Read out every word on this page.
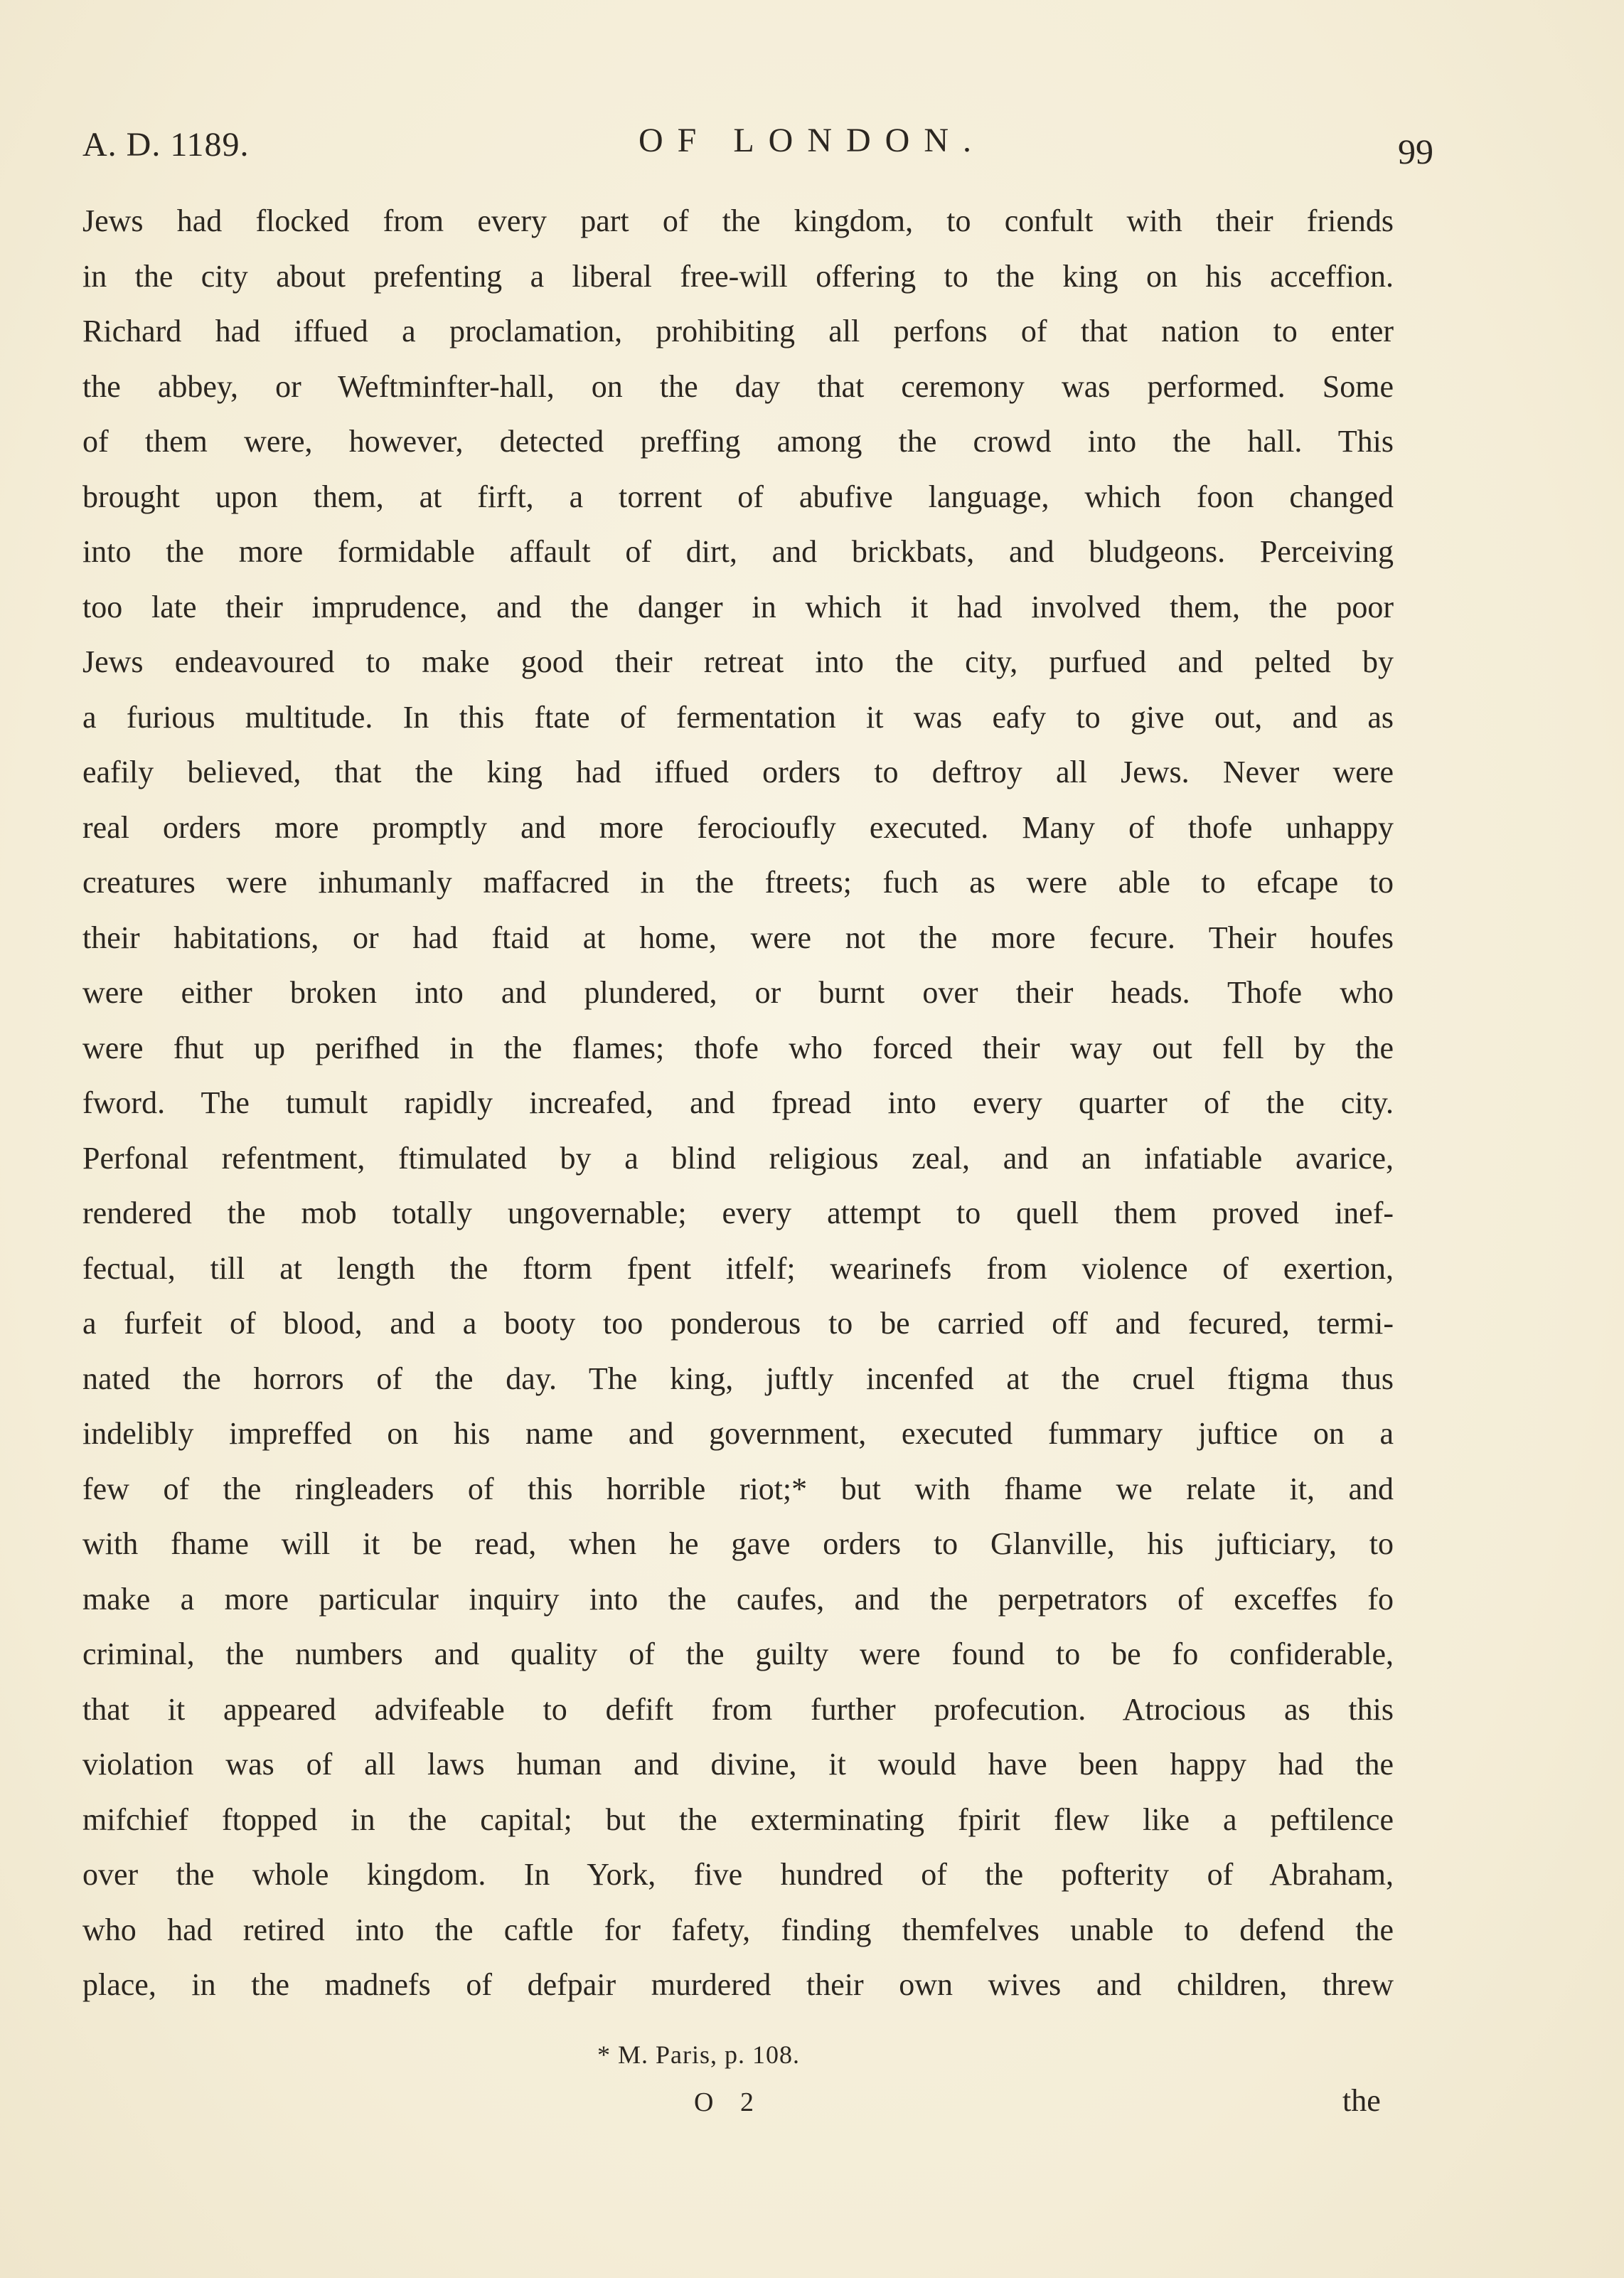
A. D. 1189.	OF LONDON.	99
Jews had flocked from every part of the kingdom, to confult with their friends
in the city about prefenting a liberal free-will offering to the king on his acceffion.
Richard had iffued a proclamation, prohibiting all perfons of that nation to enter
the abbey, or Weftminfter-hall, on the day that ceremony was performed. Some
of them were, however, detected preffing among the crowd into the hall. This
brought upon them, at firft, a torrent of abufive language, which foon changed
into the more formidable affault of dirt, and brickbats, and bludgeons. Perceiving
too late their imprudence, and the danger in which it had involved them, the poor
Jews endeavoured to make good their retreat into the city, purfued and pelted by
a furious multitude. In this ftate of fermentation it was eafy to give out, and as
eafily believed, that the king had iffued orders to deftroy all Jews. Never were
real orders more promptly and more ferocioufly executed. Many of thofe unhappy
creatures were inhumanly maffacred in the ftreets; fuch as were able to efcape to
their habitations, or had ftaid at home, were not the more fecure. Their houfes
were either broken into and plundered, or burnt over their heads. Thofe who
were fhut up perifhed in the flames; thofe who forced their way out fell by the
fword. The tumult rapidly increafed, and fpread into every quarter of the city.
Perfonal refentment, ftimulated by a blind religious zeal, and an infatiable avarice,
rendered the mob totally ungovernable; every attempt to quell them proved inef-
fectual, till at length the ftorm fpent itfelf; wearinefs from violence of exertion,
a furfeit of blood, and a booty too ponderous to be carried off and fecured, termi-
nated the horrors of the day. The king, juftly incenfed at the cruel ftigma thus
indelibly impreffed on his name and government, executed fummary juftice on a
few of the ringleaders of this horrible riot;* but with fhame we relate it, and
with fhame will it be read, when he gave orders to Glanville, his jufticiary, to
make a more particular inquiry into the caufes, and the perpetrators of exceffes fo
criminal, the numbers and quality of the guilty were found to be fo confiderable,
that it appeared advifeable to defift from further profecution. Atrocious as this
violation was of all laws human and divine, it would have been happy had the
mifchief ftopped in the capital; but the exterminating fpirit flew like a peftilence
over the whole kingdom. In York, five hundred of the pofterity of Abraham,
who had retired into the caftle for fafety, finding themfelves unable to defend the
place, in the madnefs of defpair murdered their own wives and children, threw
* M. Paris, p. 108.
O 2	the
